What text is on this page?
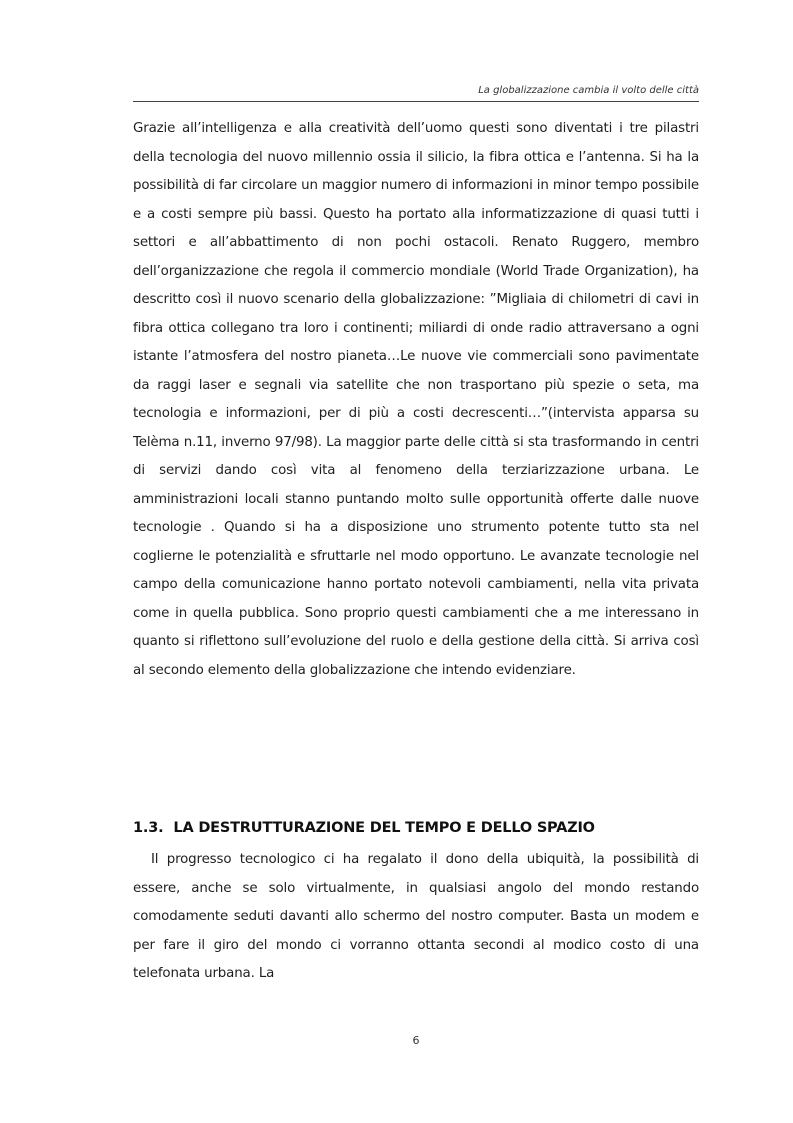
La globalizzazione cambia il volto delle città

Grazie all’intelligenza e alla creatività dell’uomo questi sono diventati i tre pilastri della tecnologia del nuovo millennio ossia il silicio, la fibra ottica e l’antenna. Si ha la possibilità di far circolare un maggior numero di informazioni in minor tempo possibile e a costi sempre più bassi. Questo ha portato alla informatizzazione di quasi tutti i settori e all’abbattimento di non pochi ostacoli. Renato Ruggero, membro dell’organizzazione che regola il commercio mondiale (World Trade Organization), ha descritto così il nuovo scenario della globalizzazione: ”Migliaia di chilometri di cavi in fibra ottica collegano tra loro i continenti; miliardi di onde radio attraversano a ogni istante l’atmosfera del nostro pianeta…Le nuove vie commerciali sono pavimentate da raggi laser e segnali via satellite che non trasportano più spezie o seta, ma tecnologia e informazioni, per di più a costi decrescenti…”(intervista apparsa su Telèma n.11, inverno 97/98). La maggior parte delle città si sta trasformando in centri di servizi dando così vita al fenomeno della terziarizzazione urbana. Le amministrazioni locali stanno puntando molto sulle opportunità offerte dalle nuove tecnologie . Quando si ha a disposizione uno strumento potente tutto sta nel coglierne le potenzialità e sfruttarle nel modo opportuno. Le avanzate tecnologie nel campo della comunicazione hanno portato notevoli cambiamenti, nella vita privata come in quella pubblica. Sono proprio questi cambiamenti che a me interessano in quanto si riflettono sull’evoluzione del ruolo e della gestione della città. Si arriva così al secondo elemento della globalizzazione che intendo evidenziare.

1.3. LA DESTRUTTURAZIONE DEL TEMPO E DELLO SPAZIO

Il progresso tecnologico ci ha regalato il dono della ubiquità, la possibilità di essere, anche se solo virtualmente, in qualsiasi angolo del mondo restando comodamente seduti davanti allo schermo del nostro computer. Basta un modem e per fare il giro del mondo ci vorranno ottanta secondi al modico costo di una telefonata urbana. La

6
